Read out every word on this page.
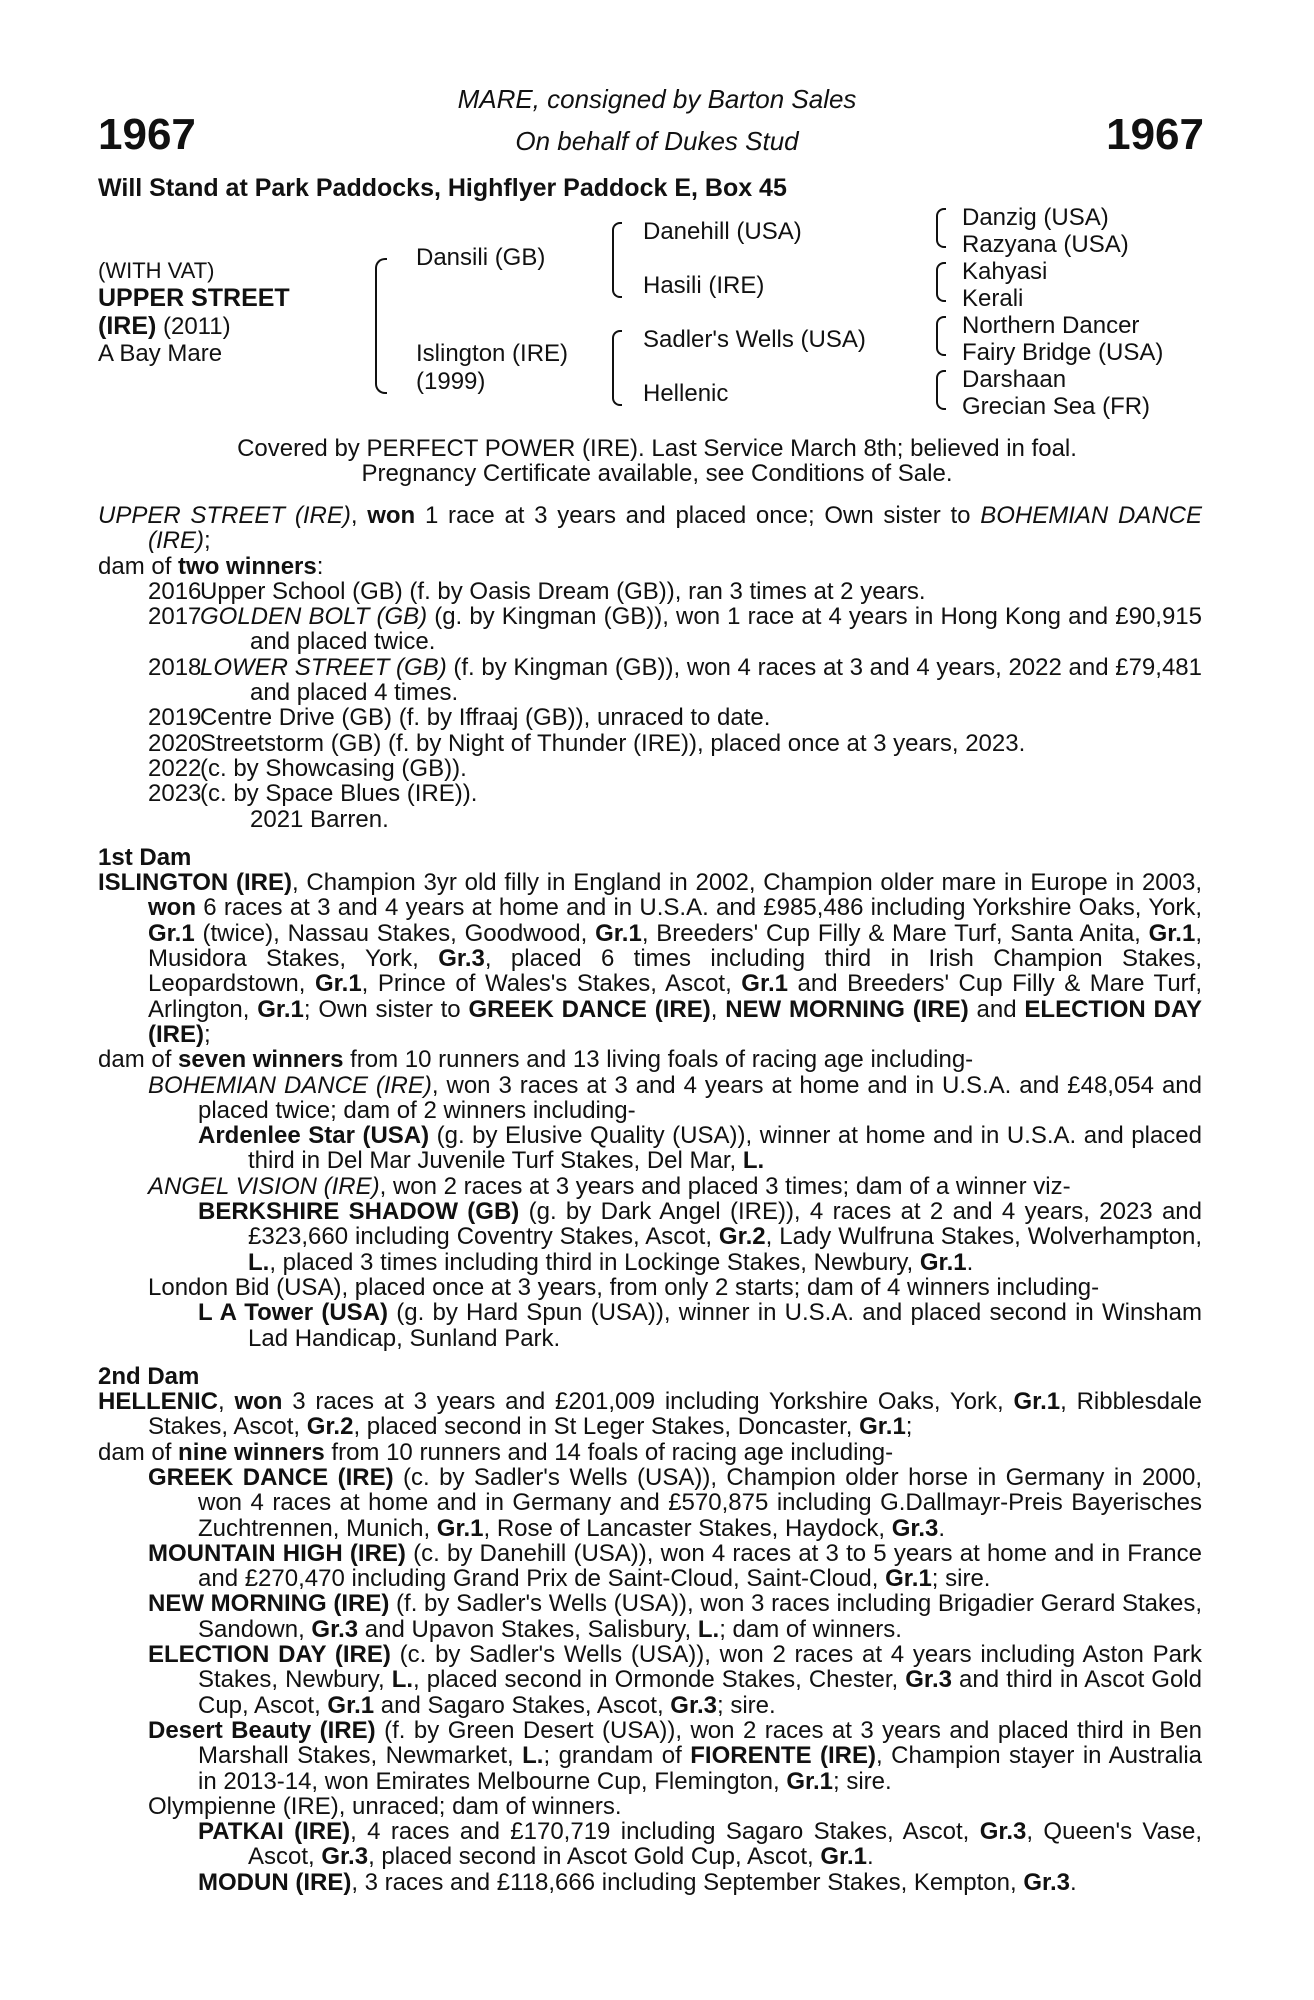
1967	1967
MARE, consigned by Barton Sales
On behalf of Dukes Stud
Will Stand at Park Paddocks, Highflyer Paddock E, Box 45
(WITH VAT)
UPPER STREET
(IRE) (2011)
A Bay Mare
Dansili (GB)
Islington (IRE)
(1999)
Danehill (USA)
Hasili (IRE)
Sadler's Wells (USA)
Hellenic
Danzig (USA)
Razyana (USA)
Kahyasi
Kerali
Northern Dancer
Fairy Bridge (USA)
Darshaan
Grecian Sea (FR)
Covered by PERFECT POWER (IRE). Last Service March 8th; believed in foal.
Pregnancy Certificate available, see Conditions of Sale.

UPPER STREET (IRE), won 1 race at 3 years and placed once; Own sister to BOHEMIAN DANCE (IRE);

dam of two winners:

2016
Upper School (GB) (f. by Oasis Dream (GB)), ran 3 times at 2 years.
2017
GOLDEN BOLT (GB) (g. by Kingman (GB)), won 1 race at 4 years in Hong Kong and £90,915 and placed twice.
2018
LOWER STREET (GB) (f. by Kingman (GB)), won 4 races at 3 and 4 years, 2022 and £79,481 and placed 4 times.
2019
Centre Drive (GB) (f. by Iffraaj (GB)), unraced to date.
2020
Streetstorm (GB) (f. by Night of Thunder (IRE)), placed once at 3 years, 2023.
2022
(c. by Showcasing (GB)).
2023
(c. by Space Blues (IRE)).

2021 Barren.

1st Dam

ISLINGTON (IRE), Champion 3yr old filly in England in 2002, Champion older mare in Europe in 2003, won 6 races at 3 and 4 years at home and in U.S.A. and £985,486 including Yorkshire Oaks, York, Gr.1 (twice), Nassau Stakes, Goodwood, Gr.1, Breeders' Cup Filly & Mare Turf, Santa Anita, Gr.1, Musidora Stakes, York, Gr.3, placed 6 times including third in Irish Champion Stakes, Leopardstown, Gr.1, Prince of Wales's Stakes, Ascot, Gr.1 and Breeders' Cup Filly & Mare Turf, Arlington, Gr.1; Own sister to GREEK DANCE (IRE), NEW MORNING (IRE) and ELECTION DAY (IRE);

dam of seven winners from 10 runners and 13 living foals of racing age including-

BOHEMIAN DANCE (IRE), won 3 races at 3 and 4 years at home and in U.S.A. and £48,054 and placed twice; dam of 2 winners including-

Ardenlee Star (USA) (g. by Elusive Quality (USA)), winner at home and in U.S.A. and placed third in Del Mar Juvenile Turf Stakes, Del Mar, L.

ANGEL VISION (IRE), won 2 races at 3 years and placed 3 times; dam of a winner viz-

BERKSHIRE SHADOW (GB) (g. by Dark Angel (IRE)), 4 races at 2 and 4 years, 2023 and £323,660 including Coventry Stakes, Ascot, Gr.2, Lady Wulfruna Stakes, Wolverhampton, L., placed 3 times including third in Lockinge Stakes, Newbury, Gr.1.

London Bid (USA), placed once at 3 years, from only 2 starts; dam of 4 winners including-

L A Tower (USA) (g. by Hard Spun (USA)), winner in U.S.A. and placed second in Winsham Lad Handicap, Sunland Park.

2nd Dam

HELLENIC, won 3 races at 3 years and £201,009 including Yorkshire Oaks, York, Gr.1, Ribblesdale Stakes, Ascot, Gr.2, placed second in St Leger Stakes, Doncaster, Gr.1;

dam of nine winners from 10 runners and 14 foals of racing age including-

GREEK DANCE (IRE) (c. by Sadler's Wells (USA)), Champion older horse in Germany in 2000, won 4 races at home and in Germany and £570,875 including G.Dallmayr-Preis Bayerisches Zuchtrennen, Munich, Gr.1, Rose of Lancaster Stakes, Haydock, Gr.3.

MOUNTAIN HIGH (IRE) (c. by Danehill (USA)), won 4 races at 3 to 5 years at home and in France and £270,470 including Grand Prix de Saint-Cloud, Saint-Cloud, Gr.1; sire.

NEW MORNING (IRE) (f. by Sadler's Wells (USA)), won 3 races including Brigadier Gerard Stakes, Sandown, Gr.3 and Upavon Stakes, Salisbury, L.; dam of winners.

ELECTION DAY (IRE) (c. by Sadler's Wells (USA)), won 2 races at 4 years including Aston Park Stakes, Newbury, L., placed second in Ormonde Stakes, Chester, Gr.3 and third in Ascot Gold Cup, Ascot, Gr.1 and Sagaro Stakes, Ascot, Gr.3; sire.

Desert Beauty (IRE) (f. by Green Desert (USA)), won 2 races at 3 years and placed third in Ben Marshall Stakes, Newmarket, L.; grandam of FIORENTE (IRE), Champion stayer in Australia in 2013-14, won Emirates Melbourne Cup, Flemington, Gr.1; sire.

Olympienne (IRE), unraced; dam of winners.

PATKAI (IRE), 4 races and £170,719 including Sagaro Stakes, Ascot, Gr.3, Queen's Vase, Ascot, Gr.3, placed second in Ascot Gold Cup, Ascot, Gr.1.

MODUN (IRE), 3 races and £118,666 including September Stakes, Kempton, Gr.3.
